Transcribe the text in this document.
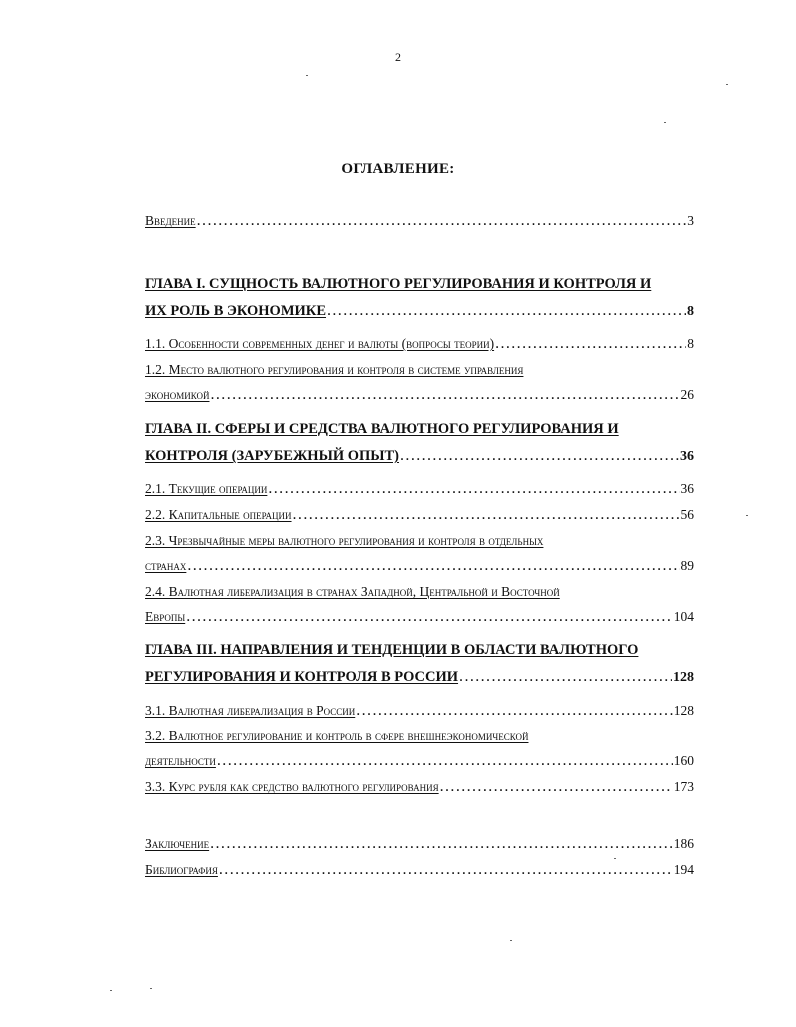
2
ОГЛАВЛЕНИЕ:
Введение .....	3
ГЛАВА I. СУЩНОСТЬ ВАЛЮТНОГО РЕГУЛИРОВАНИЯ И КОНТРОЛЯ И
ИХ РОЛЬ В ЭКОНОМИКЕ .....	8
1.1. Особенности современных денег и валюты (вопросы теории) .....	8
1.2. Место валютного регулирования и контроля в системе управления
экономикой .....	26
ГЛАВА II. СФЕРЫ И СРЕДСТВА ВАЛЮТНОГО РЕГУЛИРОВАНИЯ И
КОНТРОЛЯ (ЗАРУБЕЖНЫЙ ОПЫТ) .....	36
2.1. Текущие операции .....	36
2.2. Капитальные операции .....	56
2.3. Чрезвычайные меры валютного регулирования и контроля в отдельных
странах .....	89
2.4. Валютная либерализация в странах Западной, Центральной и Восточной
Европы .....	104
ГЛАВА III. НАПРАВЛЕНИЯ И ТЕНДЕНЦИИ В ОБЛАСТИ ВАЛЮТНОГО
РЕГУЛИРОВАНИЯ И КОНТРОЛЯ В РОССИИ .....	128
3.1. Валютная либерализация в России .....	128
3.2. Валютное регулирование и контроль в сфере внешнеэкономической
деятельности .....	160
3.3. Курс рубля как средство валютного регулирования .....	173
Заключение .....	186
Библиография .....	194
